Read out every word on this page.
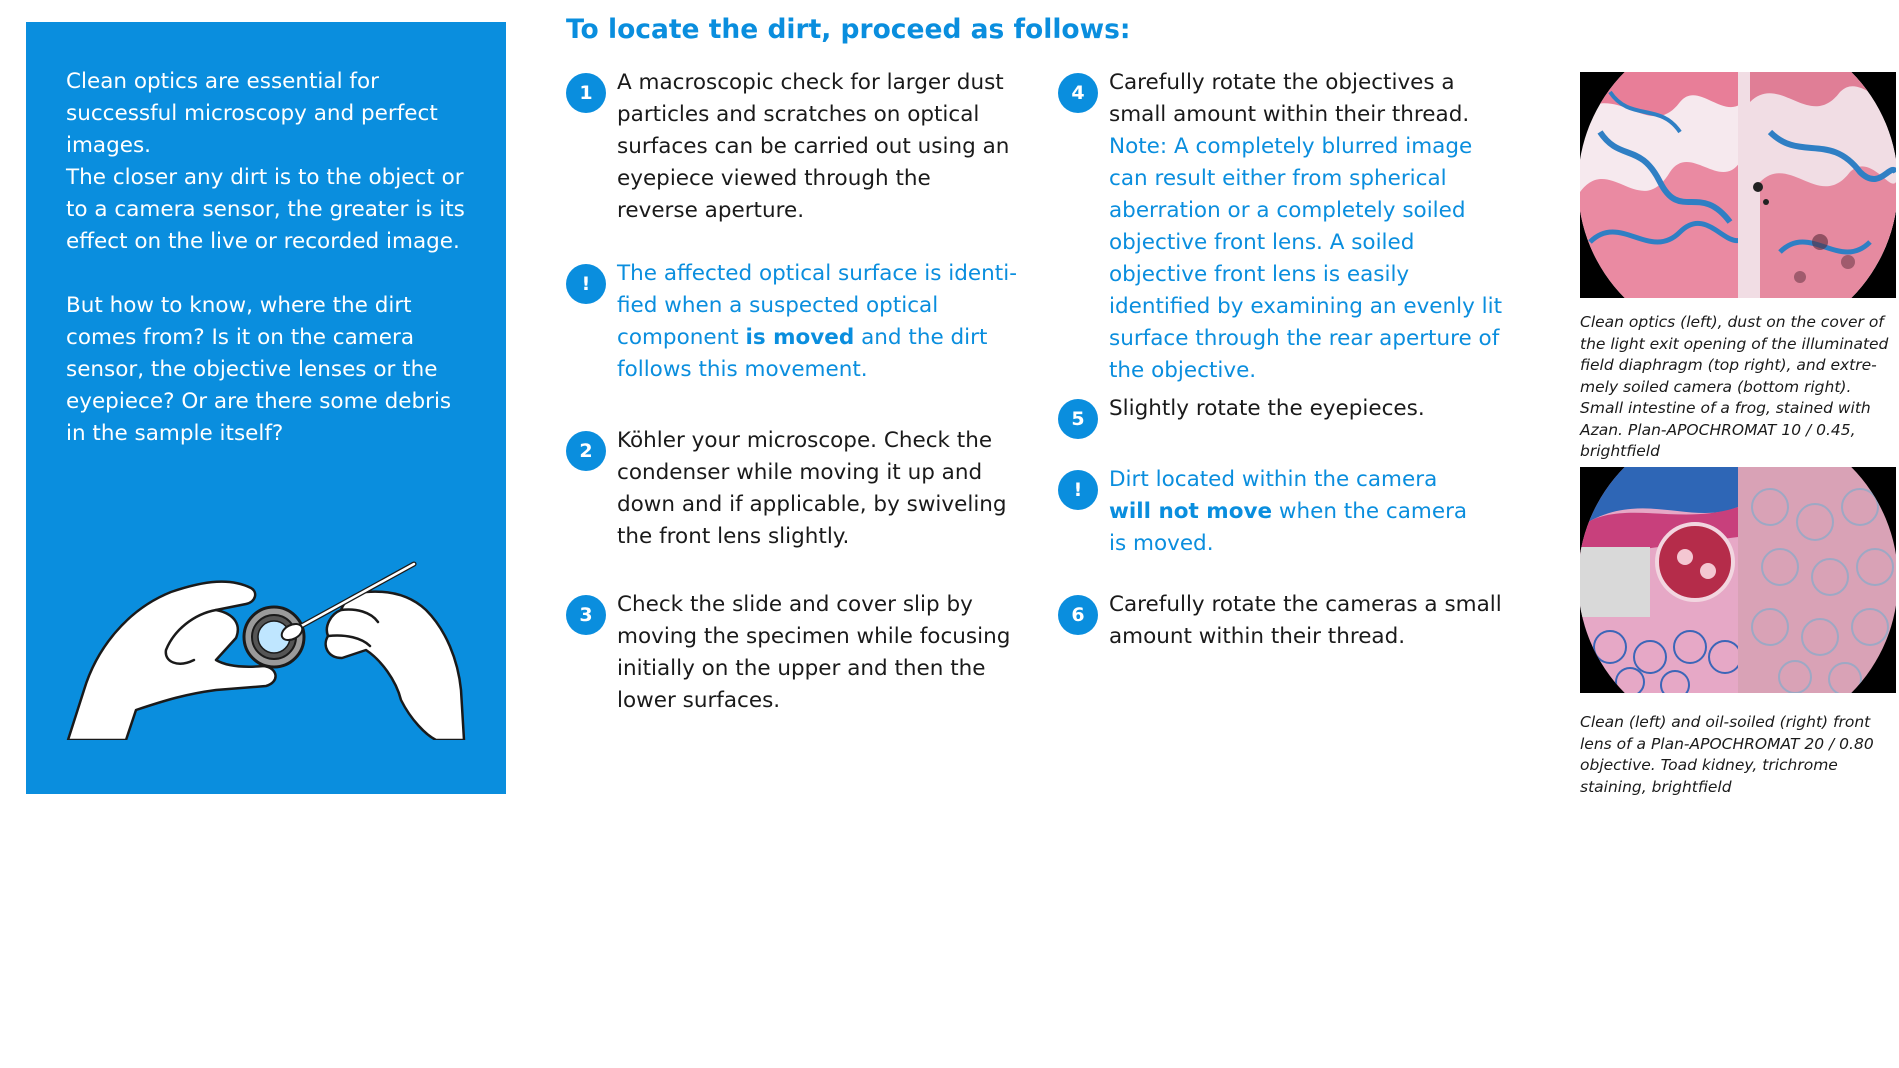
Clean optics are essential for successful microscopy and perfect images.
The closer any dirt is to the object or to a camera sensor, the greater is its effect on the live or recorded image.
But how to know, where the dirt comes from? Is it on the camera sensor, the objective lenses or the eyepiece? Or are there some debris in the sample itself?
To locate the dirt, proceed as follows:
1	A macroscopic check for larger dust particles and scratches on optical surfaces can be carried out using an eyepiece viewed through the reverse aperture.
!	The affected optical surface is identified when a suspected optical component is moved and the dirt follows this movement.
2	Köhler your microscope. Check the condenser while moving it up and down and if applicable, by swiveling the front lens slightly.
3	Check the slide and cover slip by moving the specimen while focusing initially on the upper and then the lower surfaces.
4	Carefully rotate the objectives a small amount within their thread.
Note: A completely blurred image can result either from spherical aberration or a completely soiled objective front lens. A soiled objective front lens is easily identified by examining an evenly lit surface through the rear aperture of the objective.
5	Slightly rotate the eyepieces.
!	Dirt located within the camera will not move when the camera is moved.
6	Carefully rotate the cameras a small amount within their thread.
Clean optics (left), dust on the cover of the light exit opening of the illuminated field diaphragm (top right), and extremely soiled camera (bottom right). Small intestine of a frog, stained with Azan. Plan-APOCHROMAT 10 / 0.45, brightfield
Clean (left) and oil-soiled (right) front lens of a Plan-APOCHROMAT 20 / 0.80 objective. Toad kidney, trichrome staining, brightfield
